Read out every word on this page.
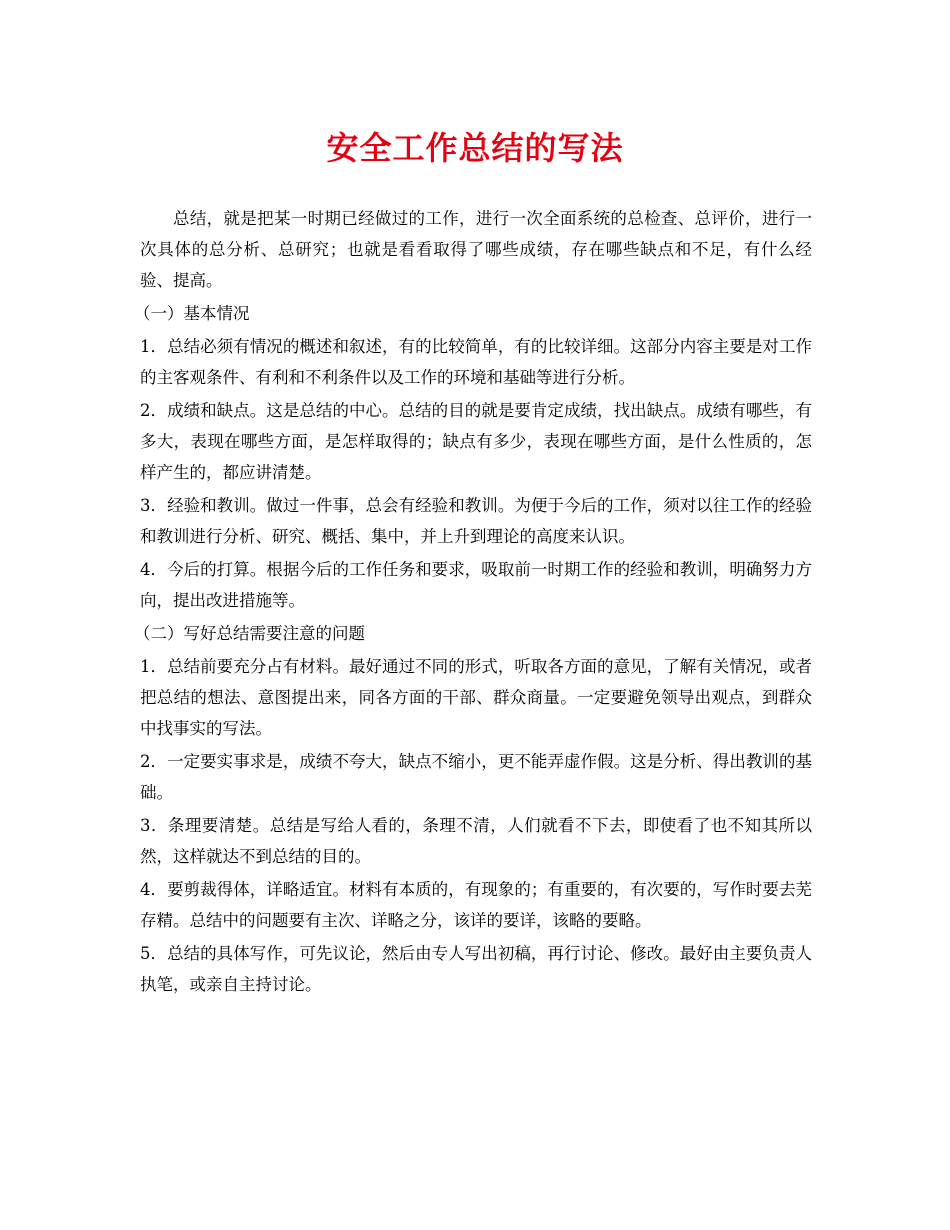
安全工作总结的写法

总结，就是把某一时期已经做过的工作，进行一次全面系统的总检查、总评价，进行一次具体的总分析、总研究；也就是看看取得了哪些成绩，存在哪些缺点和不足，有什么经验、提高。

（一）基本情况

1．总结必须有情况的概述和叙述，有的比较简单，有的比较详细。这部分内容主要是对工作的主客观条件、有利和不利条件以及工作的环境和基础等进行分析。

2．成绩和缺点。这是总结的中心。总结的目的就是要肯定成绩，找出缺点。成绩有哪些，有多大，表现在哪些方面，是怎样取得的；缺点有多少，表现在哪些方面，是什么性质的，怎样产生的，都应讲清楚。

3．经验和教训。做过一件事，总会有经验和教训。为便于今后的工作，须对以往工作的经验和教训进行分析、研究、概括、集中，并上升到理论的高度来认识。

4．今后的打算。根据今后的工作任务和要求，吸取前一时期工作的经验和教训，明确努力方向，提出改进措施等。

（二）写好总结需要注意的问题

1．总结前要充分占有材料。最好通过不同的形式，听取各方面的意见，了解有关情况，或者把总结的想法、意图提出来，同各方面的干部、群众商量。一定要避免领导出观点，到群众中找事实的写法。

2．一定要实事求是，成绩不夸大，缺点不缩小，更不能弄虚作假。这是分析、得出教训的基础。

3．条理要清楚。总结是写给人看的，条理不清，人们就看不下去，即使看了也不知其所以然，这样就达不到总结的目的。

4．要剪裁得体，详略适宜。材料有本质的，有现象的；有重要的，有次要的，写作时要去芜存精。总结中的问题要有主次、详略之分，该详的要详，该略的要略。

5．总结的具体写作，可先议论，然后由专人写出初稿，再行讨论、修改。最好由主要负责人执笔，或亲自主持讨论。
